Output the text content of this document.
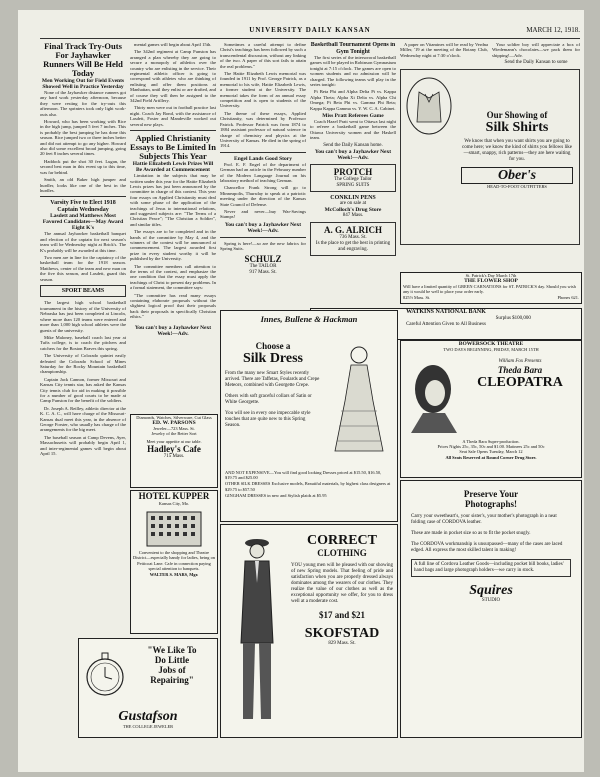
UNIVERSITY DAILY KANSAN	MARCH 12, 1918.
Final Track Try-Outs For Jayhawker Runners Will Be Held Today
Men Working Out for Field Events Showed Well in Practice Yesterday

None of the Jayhawker distance runners got any hard work yesterday afternoon, because they were resting for the try-outs this afternoon. The sprinters took only light work-outs also.

Howard, who has been working with Rice in the high jump, jumped 5 feet 7 inches. This is probably the best jumping he has done this season. Rice jumped two or three inches better and did not attempt to go any higher. Howard also did some excellent broad jumping, going 20 feet 8 inches several times.

Haddock put the shot 30 feet. Lugan, the second best man in this event up to this time, was far behind.

Smith, an old Baker high jumper and hurdler, looks like one of the best in the hurdles.

Varsity Five to Elect 1918 Captain Wednesday
Lasdett and Matthews Most Favored Candidates—May Award Eight K's

The annual Jayhawker basketball banquet and election of the captain for next season's team will be Wednesday night at Brick's. The K's probably will be awarded at this time.

Two men are in line for the captaincy of the basketball team for the 1918 season. Matthews, center of the team and new man on the five this season, and Lasdett, guard this season.

SPORT BEAMS

The largest high school basketball tournament in the history of the University of Nebraska has just been completed at Lincoln, where more than 120 teams were entered and more than 1,000 high school athletes were the guests of the university.

Mike Maloney, baseball coach last year at Tufts college, is to coach the pitchers and catchers for the Boston Braves this spring.

The University of Colorado quintet easily defeated the Colorado School of Mines Saturday for the Rocky Mountain basketball championship.

Captain Jack Cannon, former Missouri and Kansas City tennis star, has asked the Kansas City tennis club for aid in making it possible for a number of good courts to be made at Camp Funston for the benefit of the soldiers.

Dr. Joseph A. Reilley, athletic director at the K. C. A. C., will have charge of the Missouri-Kansas dual meet this year, in the absence of George Forster, who usually has charge of the arrangements for the big meet.

The baseball season at Camp Devens, Ayer, Massachusetts will probably begin April 1, and inter-regimental games will begin about April 15.

mental games will begin about April 15th.

The 342nd regiment at Camp Funston has arranged a plan whereby they are going to secure a monopoly of athletics over the country who are enlisting in the service. Their regimental athletic officer is going to correspond with athletes who are thinking of enlisting and offer them positions at Manhattan, until they enlist or are drafted, and of course they will then be assigned to the 342nd Field Artillery.

Thirty men were out in football practice last night. Coach Jay Bond, with the assistance of Lasdett, Foster and Mandeville worked out several new plays.

Applied Christianity Essays to Be Limited In Subjects This Year
Hattie Elizabeth Lewis Prizes Will Be Awarded at Commencement

Limitation in the subjects that may be written under this year for the Hattie Elizabeth Lewis prizes has just been announced by the committee in charge of this contest. This year four essays on Applied Christianity must deal with some phase of the application of the teachings of Jesus to international relations, and suggested subjects are: "The Terms of a Christian Peace"; "The Christian a Soldier", and similar titles.

The essays are to be completed and in the hands of the committee by May 4, and the winners of the contest will be announced at commencement. The largest awarded first prize in every student worthy it will be published by the University.

The committee members call attention to the terms of the contest, and emphasize the one condition that the essay must apply the teachings of Christ to present day problems. In a formal statement, the committee says:

"The committee has read many essays containing elaborate proposals without the slightest logical proof that their proposals back their proposals in specifically Christian ethics."

You can't buy a Jayhawker Next Week!—Adv.

Sometimes a careful attempt to define Christ's teachings has been followed by such a transcendental discussion, without any linking of the two. A paper of this sort fails to attain the real problems."

The Hattie Elizabeth Lewis memorial was founded in 1911 by Prof. George Patrick, as a memorial to his wife, Hattie Elizabeth Lewis, a former student at the University. The memorial takes the form of an annual essay competition and is open to students of the University.

The theme of these essays, Applied Christianity, was determined by Professor Patrick. Professor Patrick was from 1874 to 1884 assistant professor of natural science in charge of chemistry and physics at the University of Kansas. He died in the spring of 1914.

Engel Lands Good Story

Prof. E. F. Engel of the department of German had an article in the February number of the Modern Language Journal on his laboratory method of teaching German.

Chancellor Frank Strong will go to Minneapolis, Thursday to speak at a patriotic meeting under the direction of the Kansas State Council of Defense.

Never and never—buy War-Savings Stamps!

You can't buy a Jayhawker Next Week!—Adv.

Spring is here!—so are the new fabrics for Spring Suits.

SCHULZ
The TAILOR
917 Mass. St.
Basketball Tournament Opens in Gym Tonight

The first series of the intersororal basketball games will be played in Robinson Gymnasium tonight at 7:15 o'clock. The games are open to women students and no admission will be charged. The following teams will play in the series tonight:

Pi Beta Phi and Alpha Delta Pi vs. Kappa Alpha Theta; Alpha Xi Delta vs. Alpha Chi Omega; Pi Beta Phi vs. Gamma Phi Beta; Kappa Kappa Gamma vs. Y. W. C. A. Cabinet.

Miss Pratt Referees Game

Coach Hazel Pratt went to Ottawa last night to referee a basketball game between the Ottawa University women and the Haskell team.

Send the Daily Kansan home.
You can't buy a Jayhawker Next Week!—Adv.
PROTCH
The College Tailor
SPRING SUITS
CONKLIN PENS
are on sale at
McColloch's Drug Store
847 Mass.
A. G. ALRICH
736 Mass. St.
Is the place to get the best in printing and engraving.

A paper on Vitamines will be read by Verdna Miller, '19 at the meeting of the Botany Club, Wednesday night at 7:30 o'clock.

Your soldier boy will appreciate a box of Wiedemann's chocolates—we pack them for shipping!—Adv.

Send the Daily Kansan to some
Our Showing of
Silk Shirts

We know that when you want shirts you are going to come here; we know the kind of shirts you fellows like—smart, snappy, rich patterns—they are here waiting for you.

Ober's
HEAD-TO-FOOT OUTFITTERS
St. Patrick's Day March 17th
THE FLOWER SHOP
Will have a limited quantity of GREEN CARNATIONS for ST. PATRICK'S day. Should you wish any it would be well to place your order early.
825½ Mass. St.	Phones 621.
WATKINS NATIONAL BANK
Surplus $100,000
Careful Attention Given to All Business
Innes, Bullene & Hackman
Choose a
Silk Dress

From the many new Smart Styles recently arrived. There are Taffetas, Foulards and Crepe Meteors, combined with Georgette Crepe.

Others with soft graceful collars of Satin or White Georgette.

You will see in every one impeccable style touches that are quite new to this Spring Season.

AND NOT EXPENSIVE—You will find good looking Dresses priced at $15.50, $16.50, $19.75 and $25.00

OTHER SILK DRESSES Exclusive models, Beautiful materials, by highest class designers at $29.75 to $57.50

GINGHAM DRESSES in new and Stylish plaids at $5.95

BOWERSOCK THEATRE
TWO DAYS BEGINNING, FRIDAY, MARCH 15TH
William Fox Presents
Theda Bara
CLEOPATRA
A Theda Bara Super-production.
Prices Nights 25c, 35c, 50c and $1.00. Matinees 25c and 50c
Seat Sale Opens Tuesday, March 12
All Seats Reserved at Round Corner Drug Store.
Diamonds, Watches, Silverware, Cut Glass
ED. W. PARSONS
Jeweler—723 Mass. St.
Jewelry of the Better Sort
Meet your appetite at our table.
Hadley's Cafe
715 Mass.
HOTEL KUPPER
Kansas City, Mo.

Convenient to the shopping and Theatre District—especially handy for ladies, being on Petticoat Lane. Cafe in connection paying special attention to banquets.

WALTER S. MARS, Mgr.
"We Like To
Do Little
Jobs of
Repairing"
Gustafson
THE COLLEGE JEWELER
CORRECT
CLOTHING

YOU young men will be pleased with our showing of new Spring models. That feeling of pride and satisfaction when you are properly dressed always dominates among the wearers of our clothes. They realize the value of our clothes as well as the exceptional opportunity we offer, for you to dress well at a moderate cost.

$17 and $21
SKOFSTAD
829 Mass. St.
Preserve Your
Photographs!

Carry your sweetheart's, your sister's, your mother's photograph in a neat folding case of CORDOVA leather.

These are made in pocket size so as to fit the pocket snugly.

The CORDOVA workmanship is unsurpassed—many of the cases are laced edged. All express the most skilled talent in making!

A full line of Cordova Leather Goods—including pocket bill books, ladies' hand bags and large photograph holders—we carry in stock.

Squires
STUDIO
